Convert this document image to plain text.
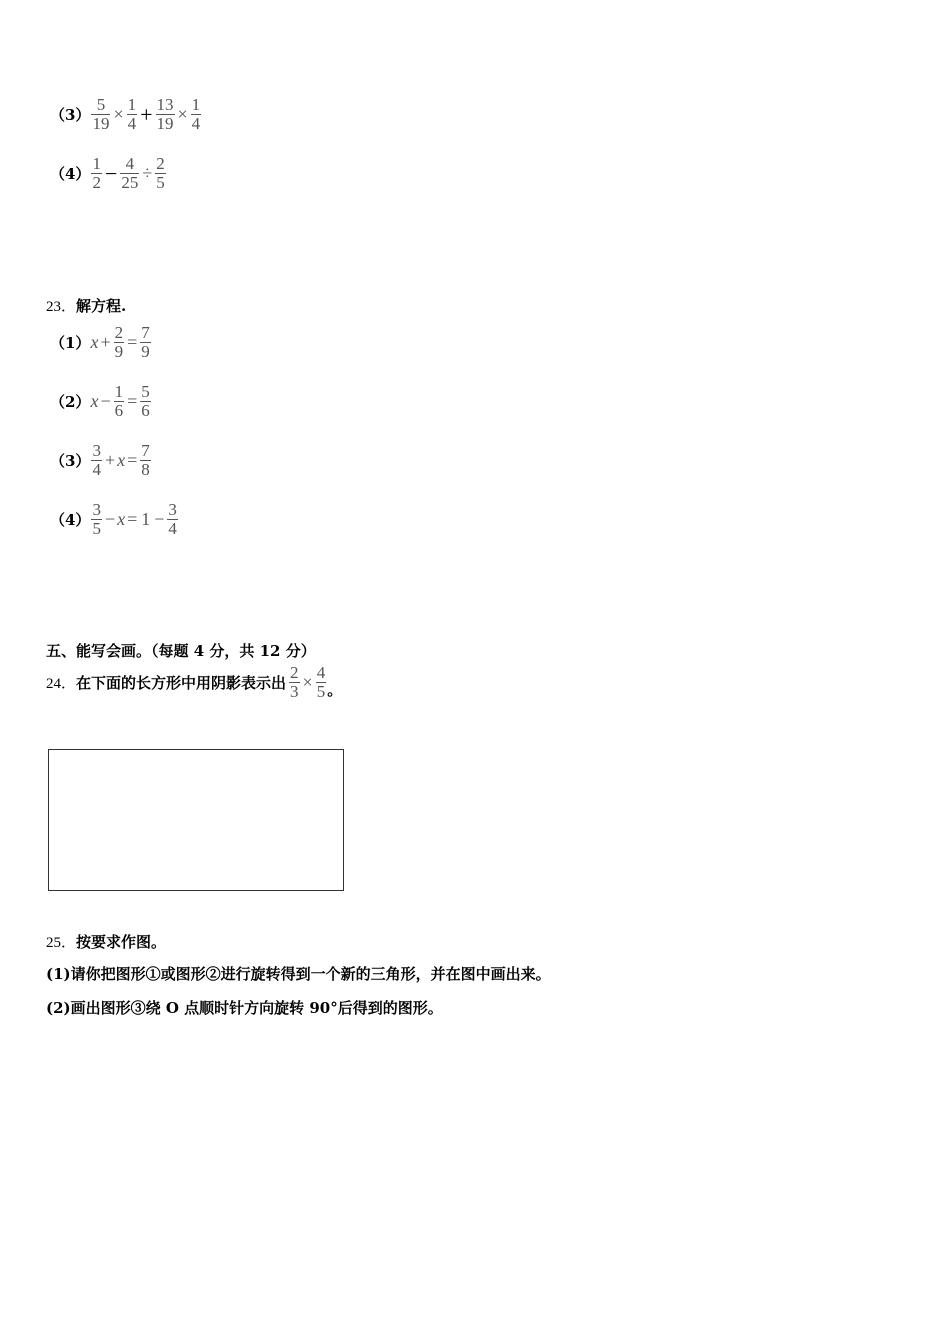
$(3) \frac{5}{19} \times \frac{1}{4} + \frac{13}{19} \times \frac{1}{4}$
$(4) \frac{1}{2} - \frac{4}{25} \div \frac{2}{5}$
23．解方程.
（1） $x + \frac{2}{9} = \frac{7}{9}$
（2） $x - \frac{1}{6} = \frac{5}{6}$
$(3) \frac{3}{4} + x = \frac{7}{8}$
$(4) \frac{3}{5} - x = 1 - \frac{3}{4}$
五、能写会画。（每题 4 分，共 12 分）
24． 在下面的长方形中用阴影表示出 $\frac{2}{3} \times \frac{4}{5}$ 。
25．按要求作图。
(1)请你把图形①或图形②进行旋转得到一个新的三角形，并在图中画出来。
(2)画出图形③绕 O 点顺时针方向旋转 90°后得到的图形。
